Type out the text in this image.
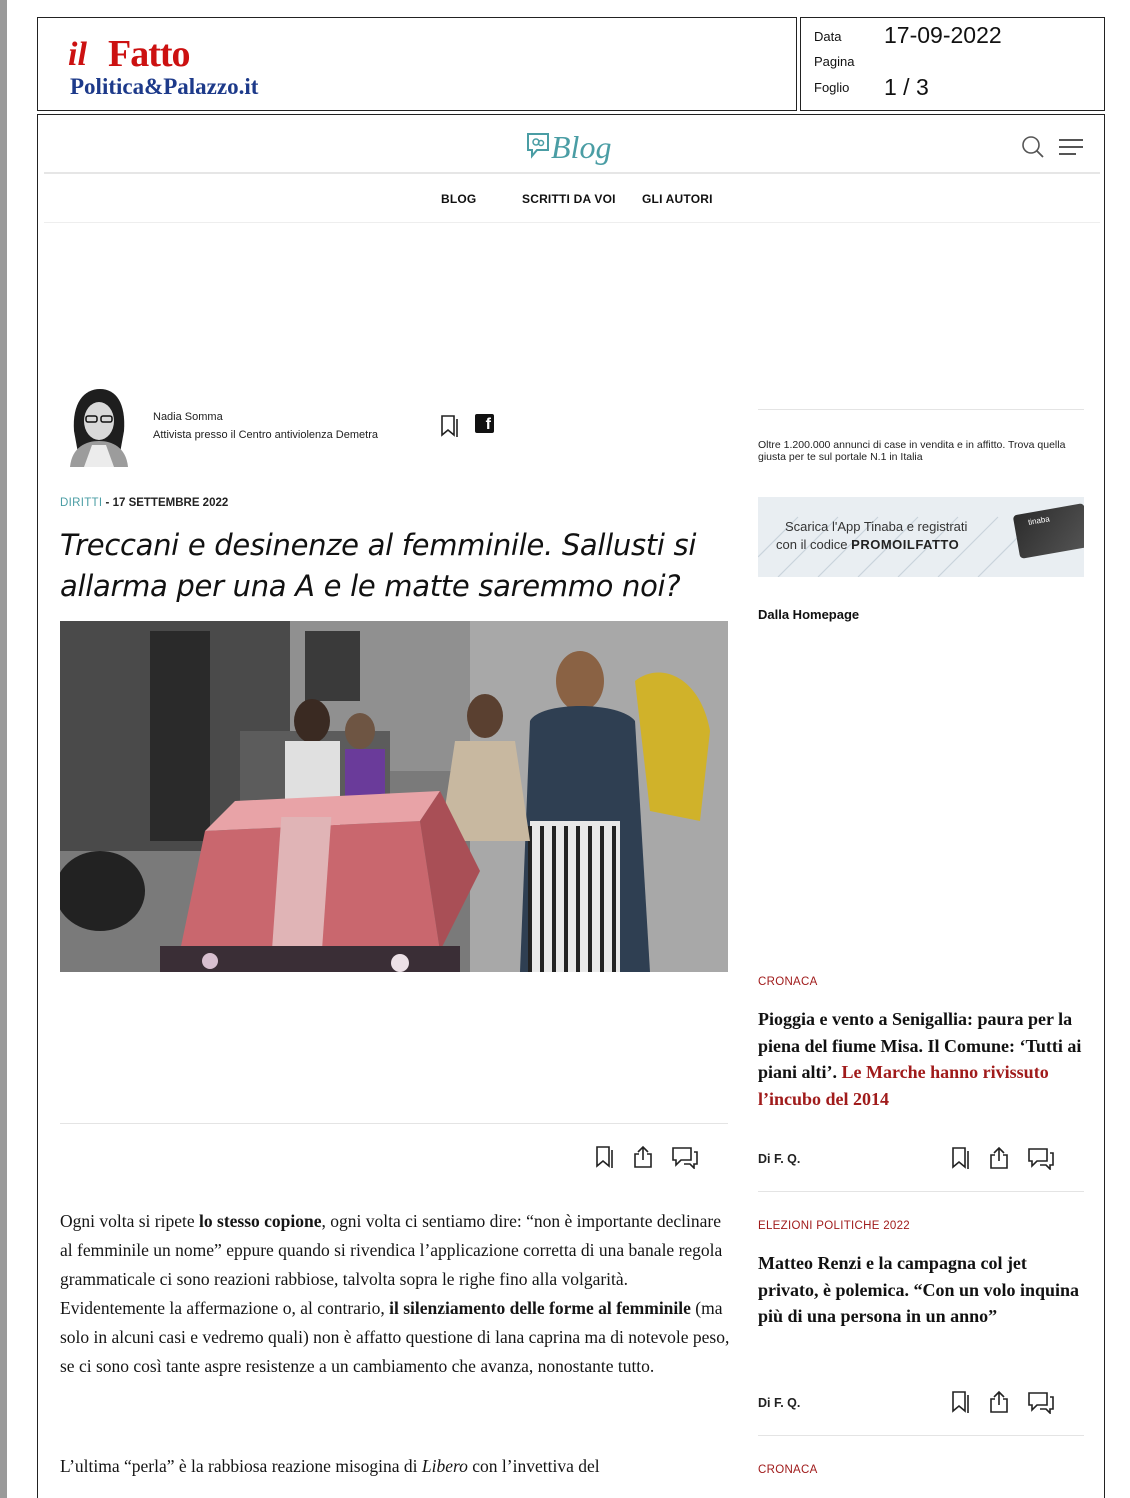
il Fatto
Politica&Palazzo.it
Data 17-09-2022
Pagina
Foglio 1 / 3
Blog
BLOG	SCRITTI DA VOI GLI AUTORI
Nadia Somma
Attivista presso il Centro antiviolenza Demetra
f
DIRITTI - 17 SETTEMBRE 2022
Treccani e desinenze al femminile. Sallusti si allarma per una A e le matte saremmo noi?

Ogni volta si ripete lo stesso copione, ogni volta ci sentiamo dire: “non è importante declinare al femminile un nome” eppure quando si rivendica l’applicazione corretta di una banale regola grammaticale ci sono reazioni rabbiose, talvolta sopra le righe fino alla volgarità. Evidentemente la affermazione o, al contrario, il silenziamento delle forme al femminile (ma solo in alcuni casi e vedremo quali) non è affatto questione di lana caprina ma di notevole peso, se ci sono così tante aspre resistenze a un cambiamento che avanza, nonostante tutto.

L’ultima “perla” è la rabbiosa reazione misogina di Libero con l’invettiva del

Oltre 1.200.000 annunci di case in vendita e in affitto. Trova quella giusta per te sul portale N.1 in Italia

Scarica l'App Tinaba e registrati
con il codice PROMOILFATTO
tinaba
Dalla Homepage
CRONACA

Pioggia e vento a Senigallia: paura per la piena del fiume Misa. Il Comune: ‘Tutti ai piani alti’. Le Marche hanno rivissuto l’incubo del 2014

Di F. Q.

ELEZIONI POLITICHE 2022

Matteo Renzi e la campagna col jet privato, è polemica. “Con un volo inquina più di una persona in un anno”

Di F. Q.

CRONACA
